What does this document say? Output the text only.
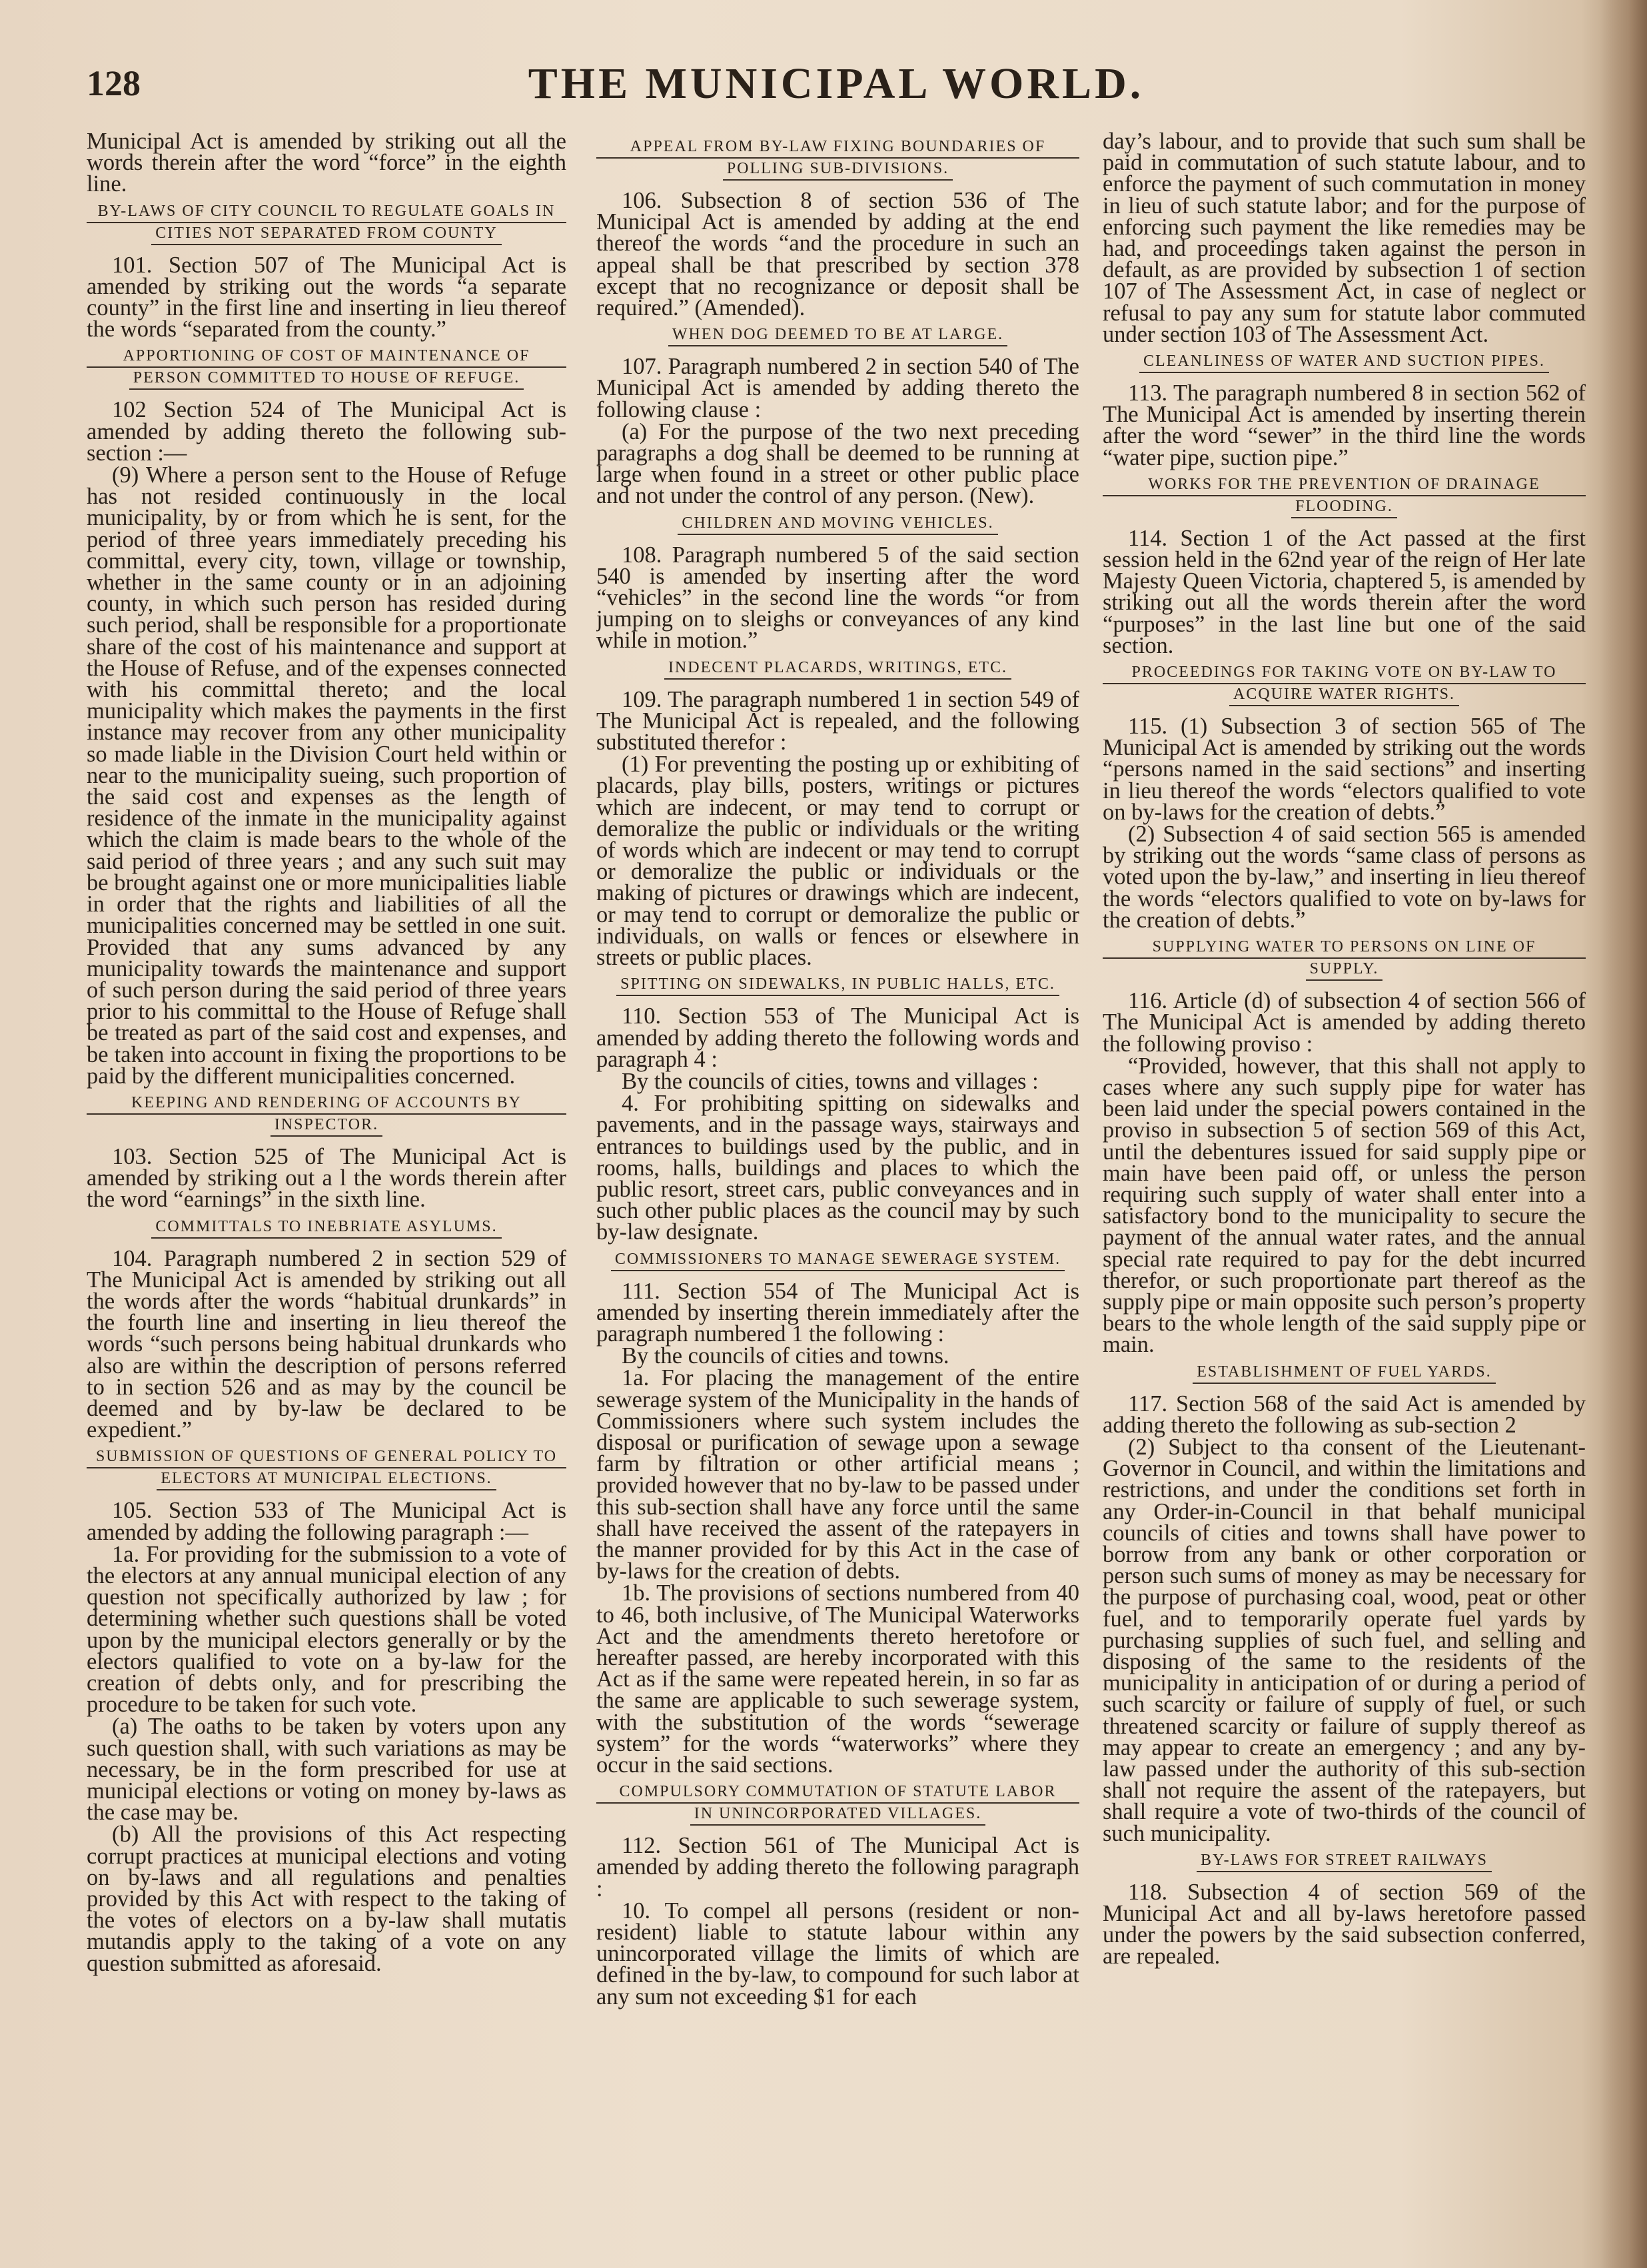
128	THE MUNICIPAL WORLD.

Municipal Act is amended by striking out all the words therein after the word “force” in the eighth line.

BY-LAWS OF CITY COUNCIL TO REGULATE GOALS IN
CITIES NOT SEPARATED FROM COUNTY

101. Section 507 of The Municipal Act is amended by striking out the words “a separate county” in the first line and inserting in lieu thereof the words “separated from the county.”

APPORTIONING OF COST OF MAINTENANCE OF
PERSON COMMITTED TO HOUSE OF REFUGE.

102 Section 524 of The Municipal Act is amended by adding thereto the following sub-section :—

(9) Where a person sent to the House of Refuge has not resided continuously in the local municipality, by or from which he is sent, for the period of three years immediately preceding his committal, every city, town, village or township, whether in the same county or in an adjoining county, in which such person has resided during such period, shall be responsible for a proportionate share of the cost of his maintenance and support at the House of Refuse, and of the expenses connected with his committal thereto; and the local municipality which makes the payments in the first instance may recover from any other municipality so made liable in the Division Court held within or near to the municipality sueing, such proportion of the said cost and expenses as the length of residence of the inmate in the municipality against which the claim is made bears to the whole of the said period of three years ; and any such suit may be brought against one or more municipalities liable in order that the rights and liabilities of all the municipalities concerned may be settled in one suit. Provided that any sums advanced by any municipality towards the maintenance and support of such person during the said period of three years prior to his committal to the House of Refuge shall be treated as part of the said cost and expenses, and be taken into account in fixing the proportions to be paid by the different municipalities concerned.

KEEPING AND RENDERING OF ACCOUNTS BY
INSPECTOR.

103. Section 525 of The Municipal Act is amended by striking out a l the words therein after the word “earnings” in the sixth line.

COMMITTALS TO INEBRIATE ASYLUMS.

104. Paragraph numbered 2 in section 529 of The Municipal Act is amended by striking out all the words after the words “habitual drunkards” in the fourth line and inserting in lieu thereof the words “such persons being habitual drunkards who also are within the description of persons referred to in section 526 and as may by the council be deemed and by by-law be declared to be expedient.”

SUBMISSION OF QUESTIONS OF GENERAL POLICY TO
ELECTORS AT MUNICIPAL ELECTIONS.

105. Section 533 of The Municipal Act is amended by adding the following paragraph :—

1a. For providing for the submission to a vote of the electors at any annual municipal election of any question not specifically authorized by law ; for determining whether such questions shall be voted upon by the municipal electors generally or by the electors qualified to vote on a by-law for the creation of debts only, and for prescribing the procedure to be taken for such vote.

(a) The oaths to be taken by voters upon any such question shall, with such variations as may be necessary, be in the form prescribed for use at municipal elections or voting on money by-laws as the case may be.

(b) All the provisions of this Act respecting corrupt practices at municipal elections and voting on by-laws and all regulations and penalties provided by this Act with respect to the taking of the votes of electors on a by-law shall mutatis mutandis apply to the taking of a vote on any question submitted as aforesaid.

APPEAL FROM BY-LAW FIXING BOUNDARIES OF
POLLING SUB-DIVISIONS.

106. Subsection 8 of section 536 of The Municipal Act is amended by adding at the end thereof the words “and the procedure in such an appeal shall be that prescribed by section 378 except that no recognizance or deposit shall be required.” (Amended).

WHEN DOG DEEMED TO BE AT LARGE.

107. Paragraph numbered 2 in section 540 of The Municipal Act is amended by adding thereto the following clause :

(a) For the purpose of the two next preceding paragraphs a dog shall be deemed to be running at large when found in a street or other public place and not under the control of any person. (New).

CHILDREN AND MOVING VEHICLES.

108. Paragraph numbered 5 of the said section 540 is amended by inserting after the word “vehicles” in the second line the words “or from jumping on to sleighs or conveyances of any kind while in motion.”

INDECENT PLACARDS, WRITINGS, ETC.

109. The paragraph numbered 1 in section 549 of The Municipal Act is repealed, and the following substituted therefor :

(1) For preventing the posting up or exhibiting of placards, play bills, posters, writings or pictures which are indecent, or may tend to corrupt or demoralize the public or individuals or the writing of words which are indecent or may tend to corrupt or demoralize the public or individuals or the making of pictures or drawings which are indecent, or may tend to corrupt or demoralize the public or individuals, on walls or fences or elsewhere in streets or public places.

SPITTING ON SIDEWALKS, IN PUBLIC HALLS, ETC.

110. Section 553 of The Municipal Act is amended by adding thereto the following words and paragraph 4 :

By the councils of cities, towns and villages :

4. For prohibiting spitting on sidewalks and pavements, and in the passage ways, stairways and entrances to buildings used by the public, and in rooms, halls, buildings and places to which the public resort, street cars, public conveyances and in such other public places as the council may by such by-law designate.

COMMISSIONERS TO MANAGE SEWERAGE SYSTEM.

111. Section 554 of The Municipal Act is amended by inserting therein immediately after the paragraph numbered 1 the following :

By the councils of cities and towns.

1a. For placing the management of the entire sewerage system of the Municipality in the hands of Commissioners where such system includes the disposal or purification of sewage upon a sewage farm by filtration or other artificial means ; provided however that no by-law to be passed under this sub-section shall have any force until the same shall have received the assent of the ratepayers in the manner provided for by this Act in the case of by-laws for the creation of debts.

1b. The provisions of sections numbered from 40 to 46, both inclusive, of The Municipal Waterworks Act and the amendments thereto heretofore or hereafter passed, are hereby incorporated with this Act as if the same were repeated herein, in so far as the same are applicable to such sewerage system, with the substitution of the words “sewerage system” for the words “waterworks” where they occur in the said sections.

COMPULSORY COMMUTATION OF STATUTE LABOR
IN UNINCORPORATED VILLAGES.

112. Section 561 of The Municipal Act is amended by adding thereto the following paragraph :

10. To compel all persons (resident or non-resident) liable to statute labour within any unincorporated village the limits of which are defined in the by-law, to compound for such labor at any sum not exceeding $1 for each

day’s labour, and to provide that such sum shall be paid in commutation of such statute labour, and to enforce the payment of such commutation in money in lieu of such statute labor; and for the purpose of enforcing such payment the like remedies may be had, and proceedings taken against the person in default, as are provided by subsection 1 of section 107 of The Assessment Act, in case of neglect or refusal to pay any sum for statute labor commuted under section 103 of The Assessment Act.

CLEANLINESS OF WATER AND SUCTION PIPES.

113. The paragraph numbered 8 in section 562 of The Municipal Act is amended by inserting therein after the word “sewer” in the third line the words “water pipe, suction pipe.”

WORKS FOR THE PREVENTION OF DRAINAGE
FLOODING.

114. Section 1 of the Act passed at the first session held in the 62nd year of the reign of Her late Majesty Queen Victoria, chaptered 5, is amended by striking out all the words therein after the word “purposes” in the last line but one of the said section.

PROCEEDINGS FOR TAKING VOTE ON BY-LAW TO
ACQUIRE WATER RIGHTS.

115. (1) Subsection 3 of section 565 of The Municipal Act is amended by striking out the words “persons named in the said sections” and inserting in lieu thereof the words “electors qualified to vote on by-laws for the creation of debts.”

(2) Subsection 4 of said section 565 is amended by striking out the words “same class of persons as voted upon the by-law,” and inserting in lieu thereof the words “electors qualified to vote on by-laws for the creation of debts.”

SUPPLYING WATER TO PERSONS ON LINE OF
SUPPLY.

116. Article (d) of subsection 4 of section 566 of The Municipal Act is amended by adding thereto the following proviso :

“Provided, however, that this shall not apply to cases where any such supply pipe for water has been laid under the special powers contained in the proviso in subsection 5 of section 569 of this Act, until the debentures issued for said supply pipe or main have been paid off, or unless the person requiring such supply of water shall enter into a satisfactory bond to the municipality to secure the payment of the annual water rates, and the annual special rate required to pay for the debt incurred therefor, or such proportionate part thereof as the supply pipe or main opposite such person’s property bears to the whole length of the said supply pipe or main.

ESTABLISHMENT OF FUEL YARDS.

117. Section 568 of the said Act is amended by adding thereto the following as sub-section 2

(2) Subject to tha consent of the Lieutenant-Governor in Council, and within the limitations and restrictions, and under the conditions set forth in any Order-in-Council in that behalf municipal councils of cities and towns shall have power to borrow from any bank or other corporation or person such sums of money as may be necessary for the purpose of purchasing coal, wood, peat or other fuel, and to temporarily operate fuel yards by purchasing supplies of such fuel, and selling and disposing of the same to the residents of the municipality in anticipation of or during a period of such scarcity or failure of supply of fuel, or such threatened scarcity or failure of supply thereof as may appear to create an emergency ; and any by-law passed under the authority of this sub-section shall not require the assent of the ratepayers, but shall require a vote of two-thirds of the council of such municipality.

BY-LAWS FOR STREET RAILWAYS

118. Subsection 4 of section 569 of the Municipal Act and all by-laws heretofore passed under the powers by the said subsection conferred, are repealed.
